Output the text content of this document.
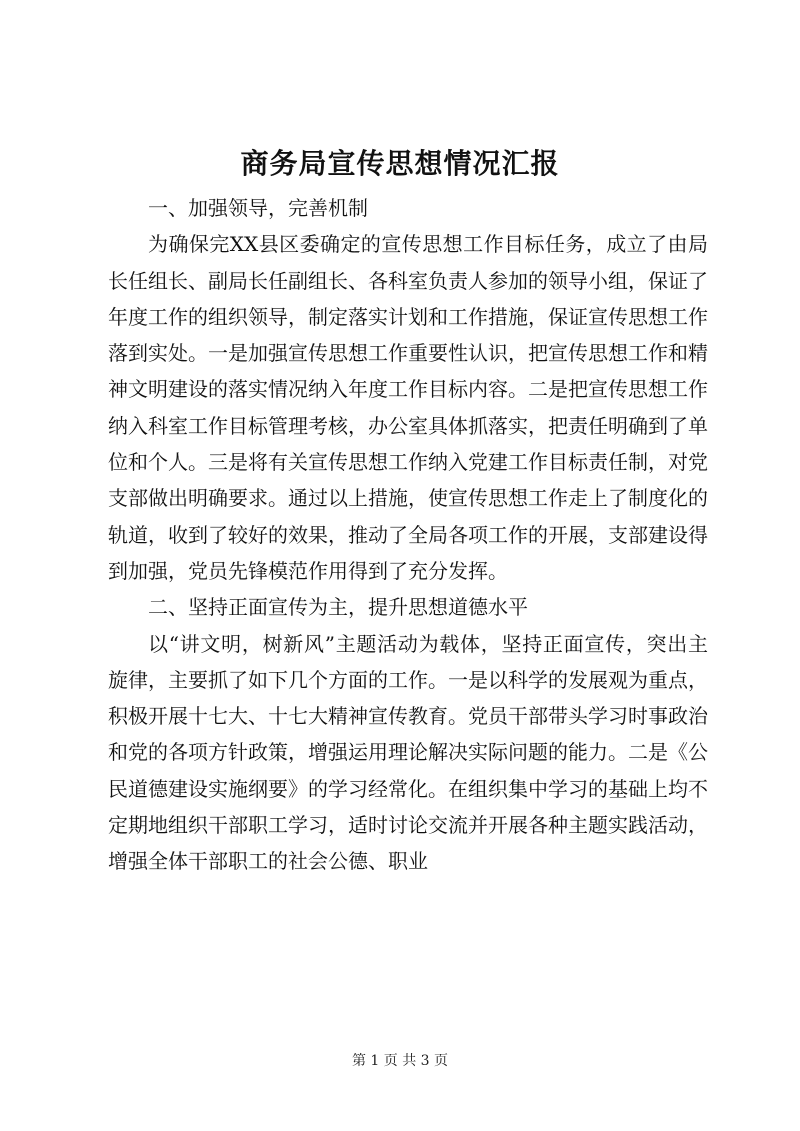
商务局宣传思想情况汇报

一、加强领导，完善机制

为确保完XX县区委确定的宣传思想工作目标任务，成立了由局长任组长、副局长任副组长、各科室负责人参加的领导小组，保证了年度工作的组织领导，制定落实计划和工作措施，保证宣传思想工作落到实处。一是加强宣传思想工作重要性认识，把宣传思想工作和精神文明建设的落实情况纳入年度工作目标内容。二是把宣传思想工作纳入科室工作目标管理考核，办公室具体抓落实，把责任明确到了单位和个人。三是将有关宣传思想工作纳入党建工作目标责任制，对党支部做出明确要求。通过以上措施，使宣传思想工作走上了制度化的轨道，收到了较好的效果，推动了全局各项工作的开展，支部建设得到加强，党员先锋模范作用得到了充分发挥。

二、坚持正面宣传为主，提升思想道德水平

以“讲文明，树新风”主题活动为载体，坚持正面宣传，突出主旋律，主要抓了如下几个方面的工作。一是以科学的发展观为重点，积极开展十七大、十七大精神宣传教育。党员干部带头学习时事政治和党的各项方针政策，增强运用理论解决实际问题的能力。二是《公民道德建设实施纲要》的学习经常化。在组织集中学习的基础上均不定期地组织干部职工学习，适时讨论交流并开展各种主题实践活动，增强全体干部职工的社会公德、职业

第 1 页 共 3 页
